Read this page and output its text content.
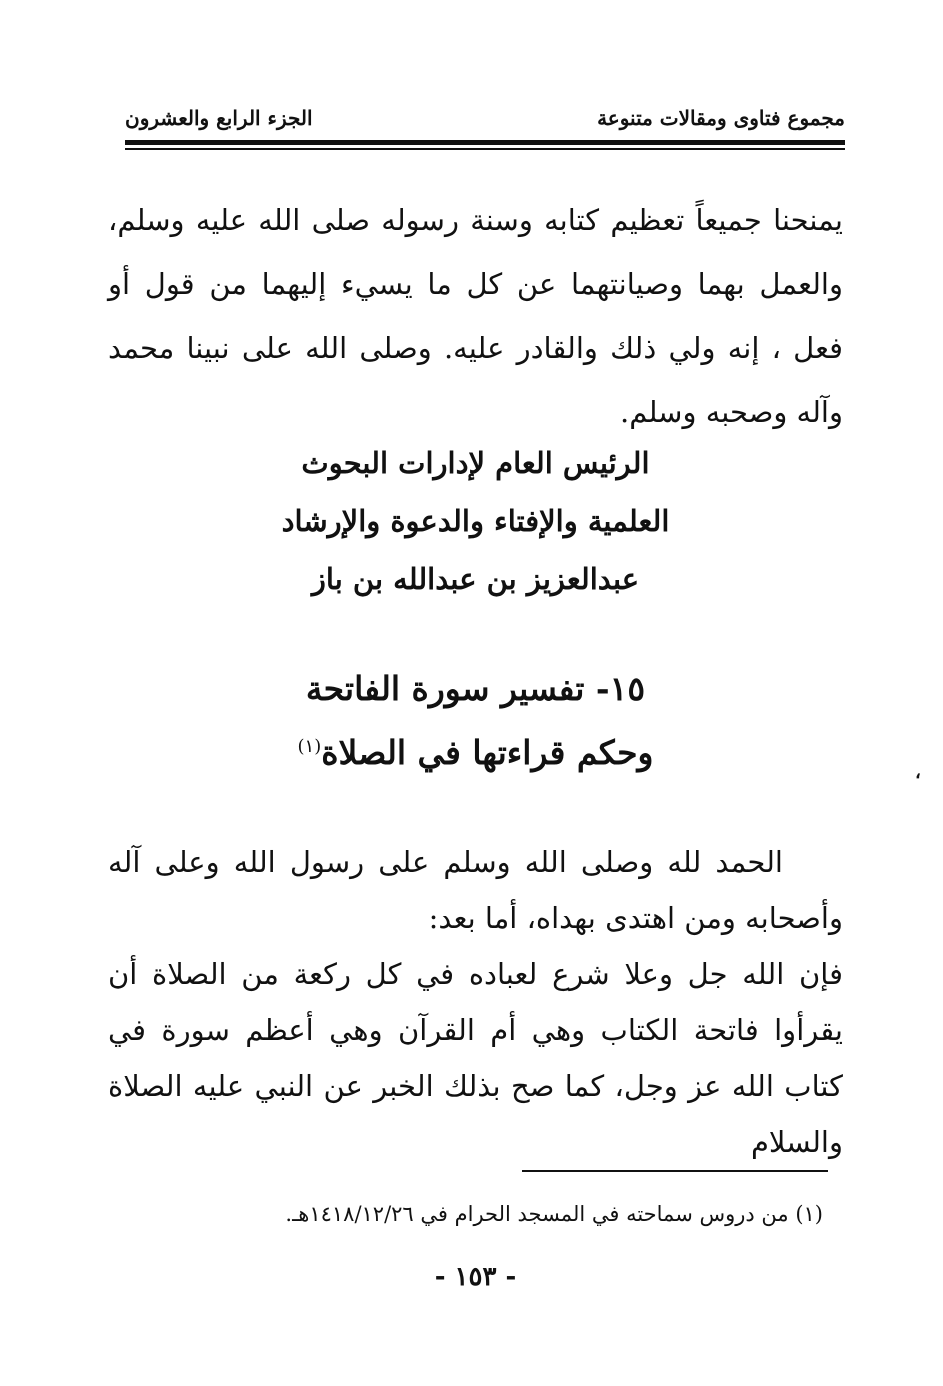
مجموع فتاوى ومقالات متنوعة
الجزء الرابع والعشرون

يمنحنا جميعاً تعظيم كتابه وسنة رسوله صلى الله عليه وسلم، والعمل بهما وصيانتهما عن كل ما يسيء إليهما من قول أو فعل ، إنه ولي ذلك والقادر عليه. وصلى الله على نبينا محمد وآله وصحبه وسلم.

الرئيس العام لإدارات البحوث
العلمية والإفتاء والدعوة والإرشاد
عبدالعزيز بن عبدالله بن باز
١٥- تفسير سورة الفاتحة
وحكم قراءتها في الصلاة$^{(١)}$
،
الحمد لله وصلى الله وسلم على رسول الله وعلى آله وأصحابه ومن اهتدى بهداه، أما بعد:
فإن الله جل وعلا شرع لعباده في كل ركعة من الصلاة أن يقرأوا فاتحة الكتاب وهي أم القرآن وهي أعظم سورة في كتاب الله عز وجل، كما صح بذلك الخبر عن النبي عليه الصلاة والسلام
(١) من دروس سماحته في المسجد الحرام في ١٤١٨/١٢/٢٦هـ.
- ١٥٣ -
